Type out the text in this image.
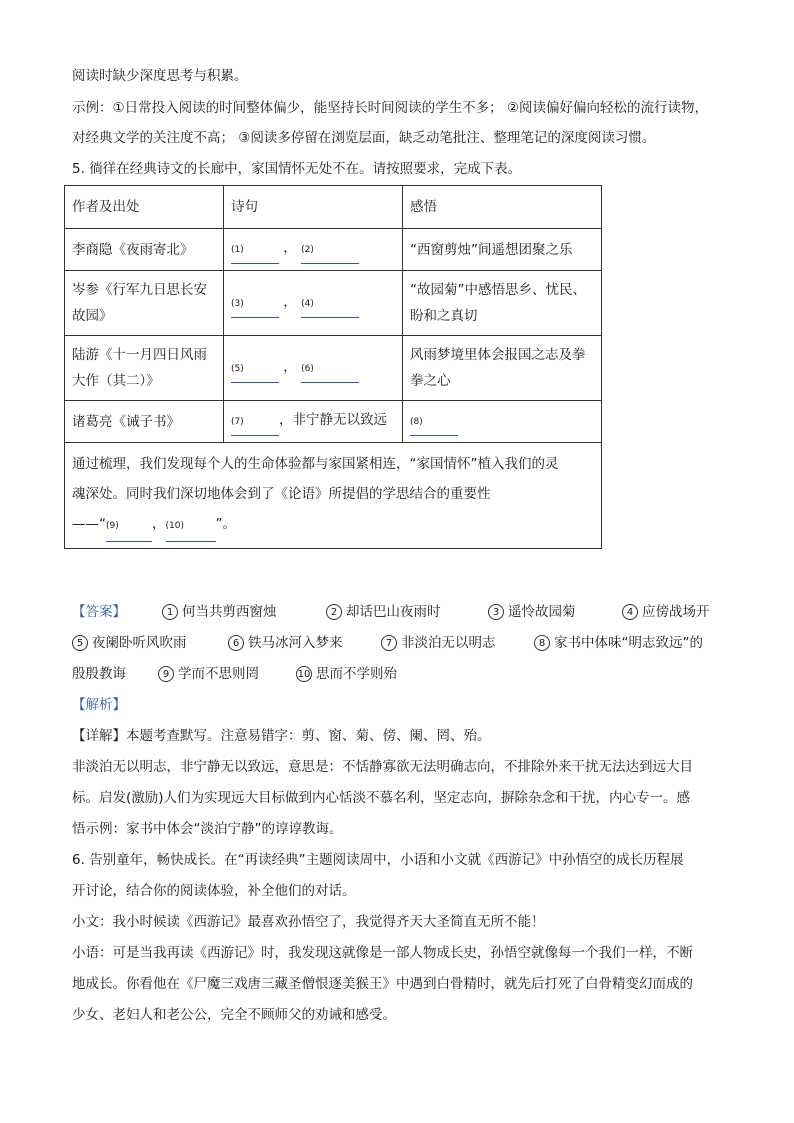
阅读时缺少深度思考与积累。
示例：①日常投入阅读的时间整体偏少，能坚持长时间阅读的学生不多； ②阅读偏好偏向轻松的流行读物，
对经典文学的关注度不高； ③阅读多停留在浏览层面，缺乏动笔批注、整理笔记的深度阅读习惯。
5. 徜徉在经典诗文的长廊中，家国情怀无处不在。请按照要求，完成下表。
作者及出处	诗句	感悟
李商隐《夜雨寄北》	(1) ， (2)	“西窗剪烛”间遥想团聚之乐
岑参《行军九日思长安故园》	(3) ， (4)	“故园菊”中感悟思乡、忧民、盼和之真切
陆游《十一月四日风雨大作（其二）》	(5) ， (6)	风雨梦境里体会报国之志及拳拳之心
诸葛亮《诫子书》	(7) ，非宁静无以致远	(8)

通过梳理，我们发现每个人的生命体验都与家国紧相连，“家国情怀”植入我们的灵
魂深处。同时我们深切地体会到了《论语》所提倡的学思结合的重要性
——“(9) ，(10) ”。		
【答案】	1 何当共剪西窗烛	2 却话巴山夜雨时	3 遥怜故园菊	4 应傍战场开
5 夜阑卧听风吹雨	6 铁马冰河入梦来	7 非淡泊无以明志	8 家书中体味“明志致远”的
殷殷教诲	9 学而不思则罔	10 思而不学则殆
【解析】
【详解】本题考查默写。注意易错字：剪、窗、菊、傍、阑、罔、殆。
非淡泊无以明志，非宁静无以致远，意思是：不恬静寡欲无法明确志向，不排除外来干扰无法达到远大目
标。启发(激励)人们为实现远大目标做到内心恬淡不慕名利，坚定志向，摒除杂念和干扰，内心专一。感
悟示例：家书中体会“淡泊宁静”的谆谆教诲。
6. 告别童年，畅快成长。在“再读经典”主题阅读周中，小语和小文就《西游记》中孙悟空的成长历程展
开讨论，结合你的阅读体验，补全他们的对话。
小文：我小时候读《西游记》最喜欢孙悟空了，我觉得齐天大圣简直无所不能！
小语：可是当我再读《西游记》时，我发现这就像是一部人物成长史，孙悟空就像每一个我们一样，不断
地成长。你看他在《尸魔三戏唐三藏圣僧恨逐美猴王》中遇到白骨精时，就先后打死了白骨精变幻而成的
少女、老妇人和老公公，完全不顾师父的劝诫和感受。
